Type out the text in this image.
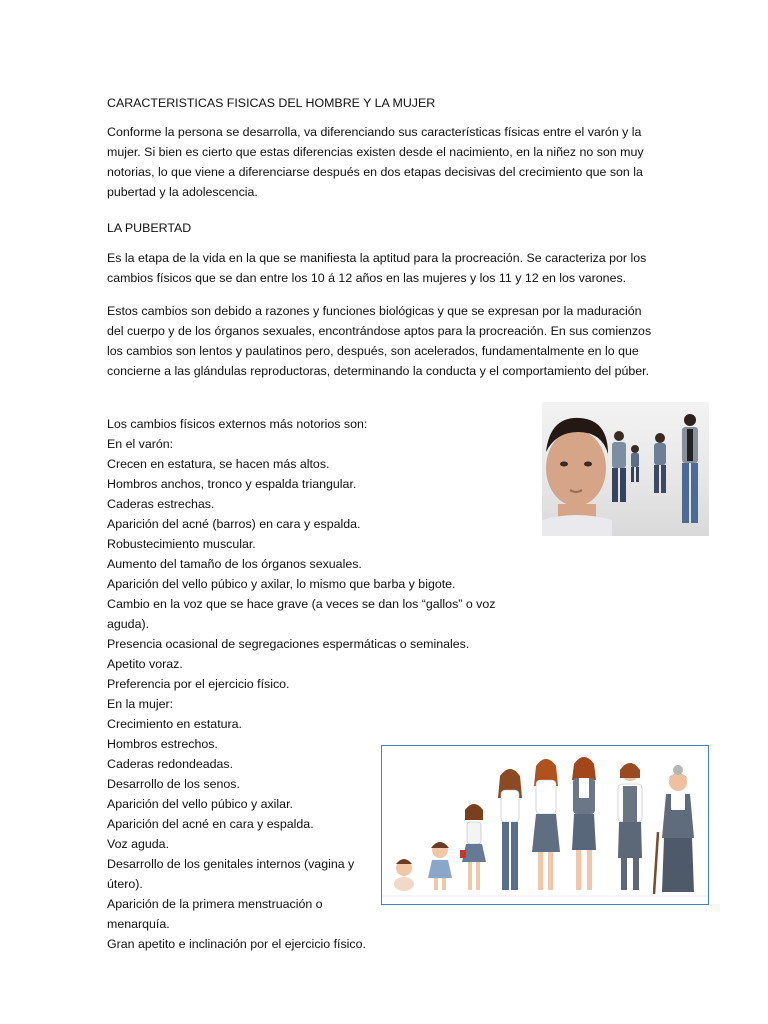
CARACTERISTICAS FISICAS DEL HOMBRE Y LA MUJER

Conforme la persona se desarrolla, va diferenciando sus características físicas entre el varón y la mujer. Si bien es cierto que estas diferencias existen desde el nacimiento, en la niñez no son muy notorias, lo que viene a diferenciarse después en dos etapas decisivas del crecimiento que son la pubertad y la adolescencia.

LA PUBERTAD

Es la etapa de la vida en la que se manifiesta la aptitud para la procreación. Se caracteriza por los cambios físicos que se dan entre los 10 á 12 años en las mujeres y los 11 y 12 en los varones.

Estos cambios son debido a razones y funciones biológicas y que se expresan por la maduración del cuerpo y de los órganos sexuales, encontrándose aptos para la procreación. En sus comienzos los cambios son lentos y paulatinos pero, después, son acelerados, fundamentalmente en lo que concierne a las glándulas reproductoras, determinando la conducta y el comportamiento del púber.

Los cambios físicos externos más notorios son:
En el varón:
Crecen en estatura, se hacen más altos.
Hombros anchos, tronco y espalda triangular.
Caderas estrechas.
Aparición del acné (barros) en cara y espalda.
Robustecimiento muscular.
Aumento del tamaño de los órganos sexuales.
Aparición del vello púbico y axilar, lo mismo que barba y bigote.
Cambio en la voz que se hace grave (a veces se dan los “gallos” o voz aguda).
Presencia ocasional de segregaciones espermáticas o seminales.
Apetito voraz.
Preferencia por el ejercicio físico.
En la mujer:
Crecimiento en estatura.
Hombros estrechos.
Caderas redondeadas.
Desarrollo de los senos.
Aparición del vello púbico y axilar.
Aparición del acné en cara y espalda.
Voz aguda.
Desarrollo de los genitales internos (vagina y útero).
Aparición de la primera menstruación o menarquía.
Gran apetito e inclinación por el ejercicio físico.
